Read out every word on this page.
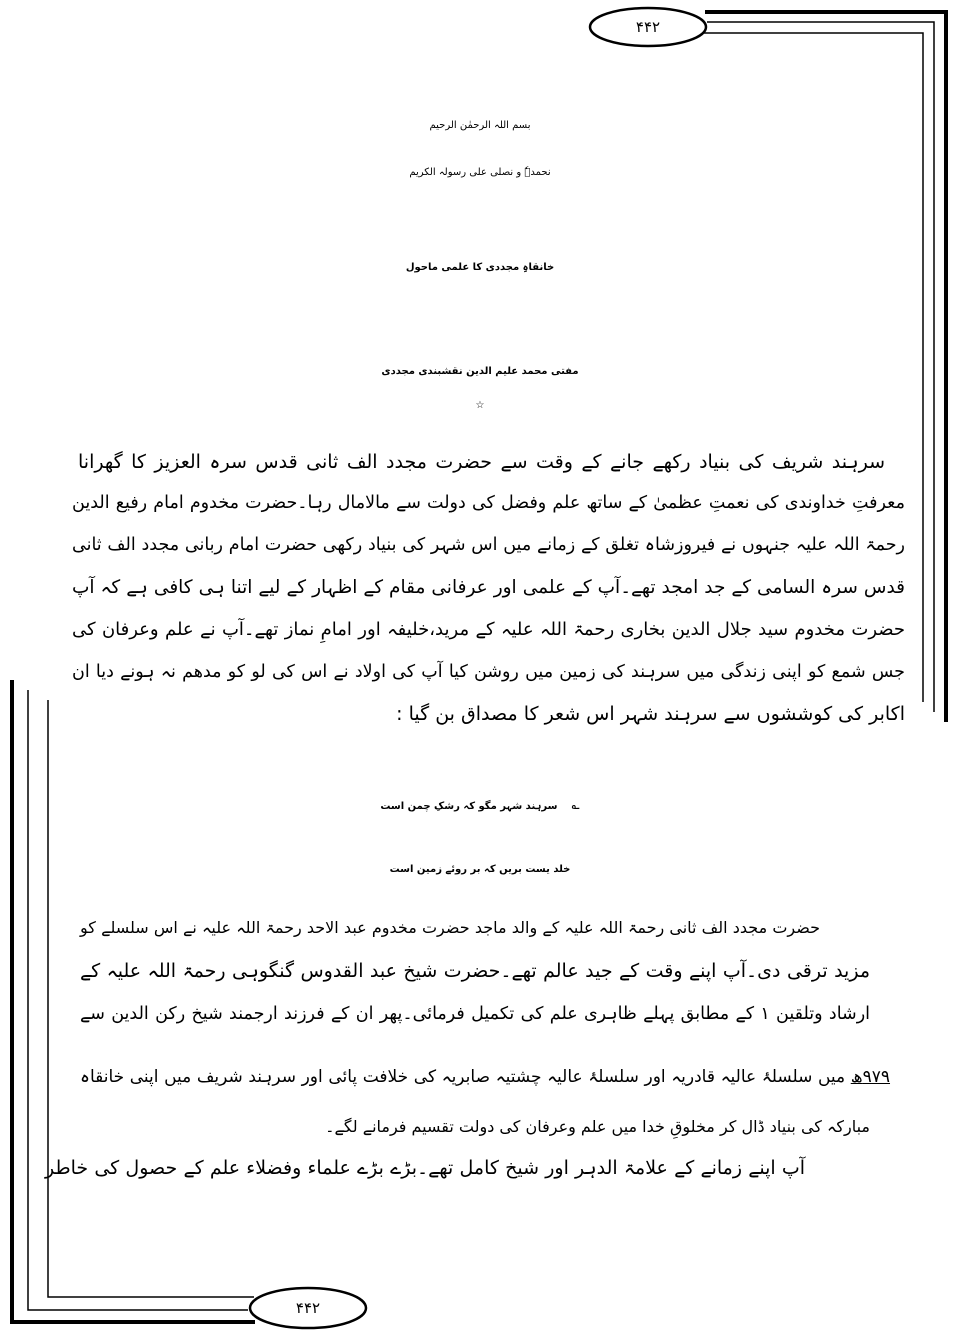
۴۴۲
۴۴۲
بسم اللہ الرحمٰن الرحیم
نحمدہٗ و نصلی علی رسولہ الکریم
خانقاہِ مجددی کا علمی ماحول
مفتی محمد علیم الدین نقشبندی مجددی
☆
سرہند شریف کی بنیاد رکھے جانے کے وقت سے حضرت مجدد الف ثانی قدس سرہ العزیز کا گھرانا
معرفتِ خداوندی کی نعمتِ عظمیٰ کے ساتھ علم وفضل کی دولت سے مالامال رہا۔حضرت مخدوم امام رفیع الدین
رحمۃ اللہ علیہ جنہوں نے فیروزشاہ تغلق کے زمانے میں اس شہر کی بنیاد رکھی حضرت امام ربانی مجدد الف ثانی
قدس سرہ السامی کے جد امجد تھے۔آپ کے علمی اور عرفانی مقام کے اظہار کے لیے اتنا ہی کافی ہے کہ آپ
حضرت مخدوم سید جلال الدین بخاری رحمۃ اللہ علیہ کے مرید،خلیفہ اور امامِ نماز تھے۔آپ نے علم وعرفان کی
جس شمع کو اپنی زندگی میں سرہند کی زمین میں روشن کیا آپ کی اولاد نے اس کی لو کو مدھم نہ ہونے دیا ان
اکابر کی کوششوں سے سرہند شہر اس شعر کا مصداق بن گیا :
؎سرہند شہر مگو کہ رشکِ چمن است
خلد یست بریں کہ بر روئے زمین است
حضرت مجدد الف ثانی رحمۃ اللہ علیہ کے والد ماجد حضرت مخدوم عبد الاحد رحمۃ اللہ علیہ نے اس سلسلے کو
مزید ترقی دی۔آپ اپنے وقت کے جید عالم تھے۔حضرت شیخ عبد القدوس گنگوہی رحمۃ اللہ علیہ کے
ارشاد وتلقین ۱ کے مطابق پہلے ظاہری علم کی تکمیل فرمائی۔پھر ان کے فرزند ارجمند شیخ رکن الدین سے
۹۷۹ھ میں سلسلۂ عالیہ قادریہ اور سلسلۂ عالیہ چشتیہ صابریہ کی خلافت پائی اور سرہند شریف میں اپنی خانقاہ
مبارکہ کی بنیاد ڈال کر مخلوقِ خدا میں علم وعرفان کی دولت تقسیم فرمانے لگے۔
آپ اپنے زمانے کے علامۃ الدہر اور شیخ کامل تھے۔بڑے بڑے علماء وفضلاء علم کے حصول کی خاطر
